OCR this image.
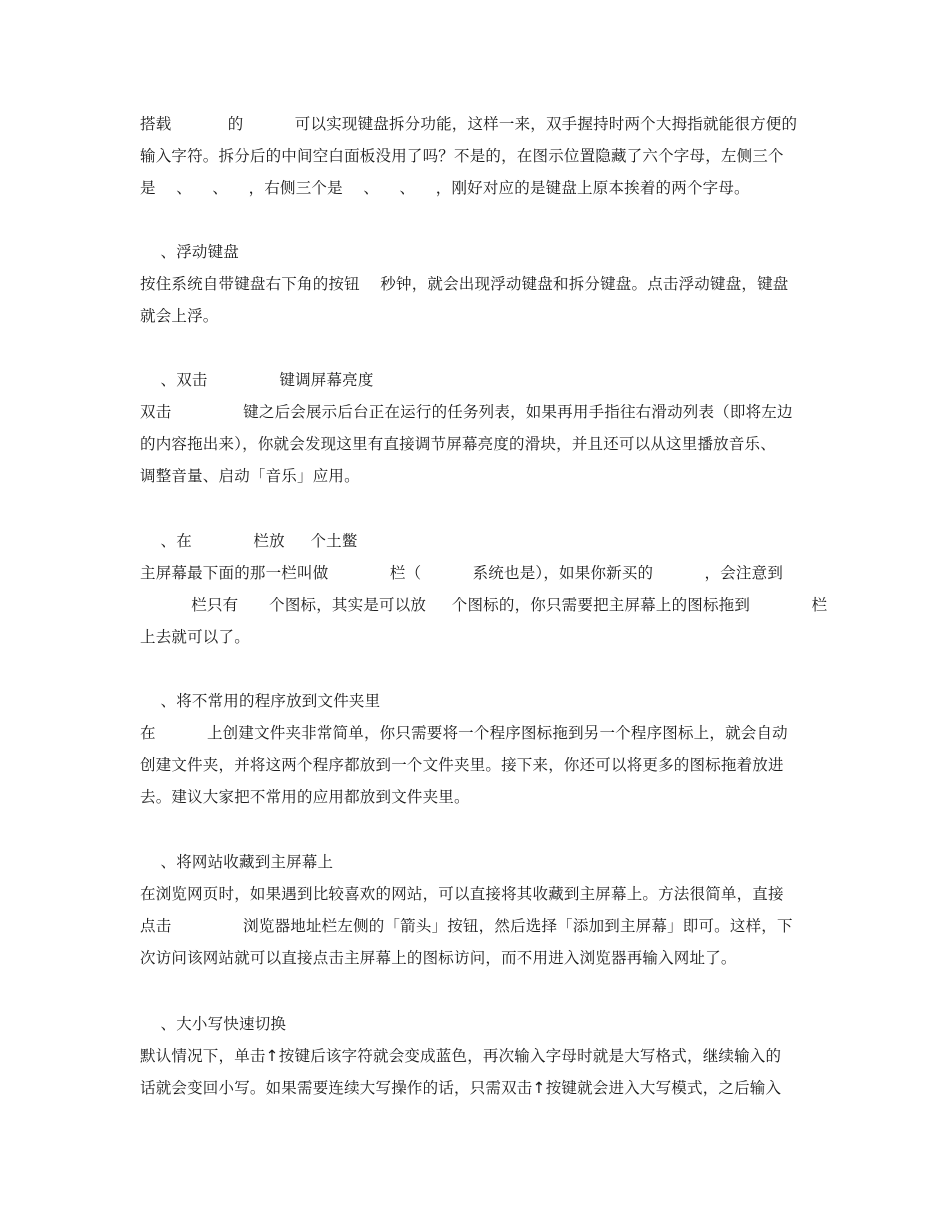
搭载           的          可以实现键盘拆分功能，这样一来，双手握持时两个大拇指就能很方便的
输入字符。拆分后的中间空白面板没用了吗？不是的，在图示位置隐藏了六个字母，左侧三个
是    、    、    ，右侧三个是    、    、    ，刚好对应的是键盘上原本挨着的两个字母。
、浮动键盘
按住系统自带键盘右下角的按钮    秒钟，就会出现浮动键盘和拆分键盘。点击浮动键盘，键盘
就会上浮。
、双击              键调屏幕亮度
双击              键之后会展示后台正在运行的任务列表，如果再用手指往右滑动列表（即将左边
的内容拖出来），你就会发现这里有直接调节屏幕亮度的滑块，并且还可以从这里播放音乐、
调整音量、启动「音乐」应用。
、在            栏放     个土鳖
主屏幕最下面的那一栏叫做            栏（          系统也是），如果你新买的          ，会注意到
栏只有      个图标，其实是可以放     个图标的，你只需要把主屏幕上的图标拖到            栏
上去就可以了。
、将不常用的程序放到文件夹里
在          上创建文件夹非常简单，你只需要将一个程序图标拖到另一个程序图标上，就会自动
创建文件夹，并将这两个程序都放到一个文件夹里。接下来，你还可以将更多的图标拖着放进
去。建议大家把不常用的应用都放到文件夹里。
、将网站收藏到主屏幕上
在浏览网页时，如果遇到比较喜欢的网站，可以直接将其收藏到主屏幕上。方法很简单，直接
点击              浏览器地址栏左侧的「箭头」按钮，然后选择「添加到主屏幕」即可。这样，下
次访问该网站就可以直接点击主屏幕上的图标访问，而不用进入浏览器再输入网址了。
、大小写快速切换
默认情况下，单击↑按键后该字符就会变成蓝色，再次输入字母时就是大写格式，继续输入的
话就会变回小写。如果需要连续大写操作的话，只需双击↑按键就会进入大写模式，之后输入
